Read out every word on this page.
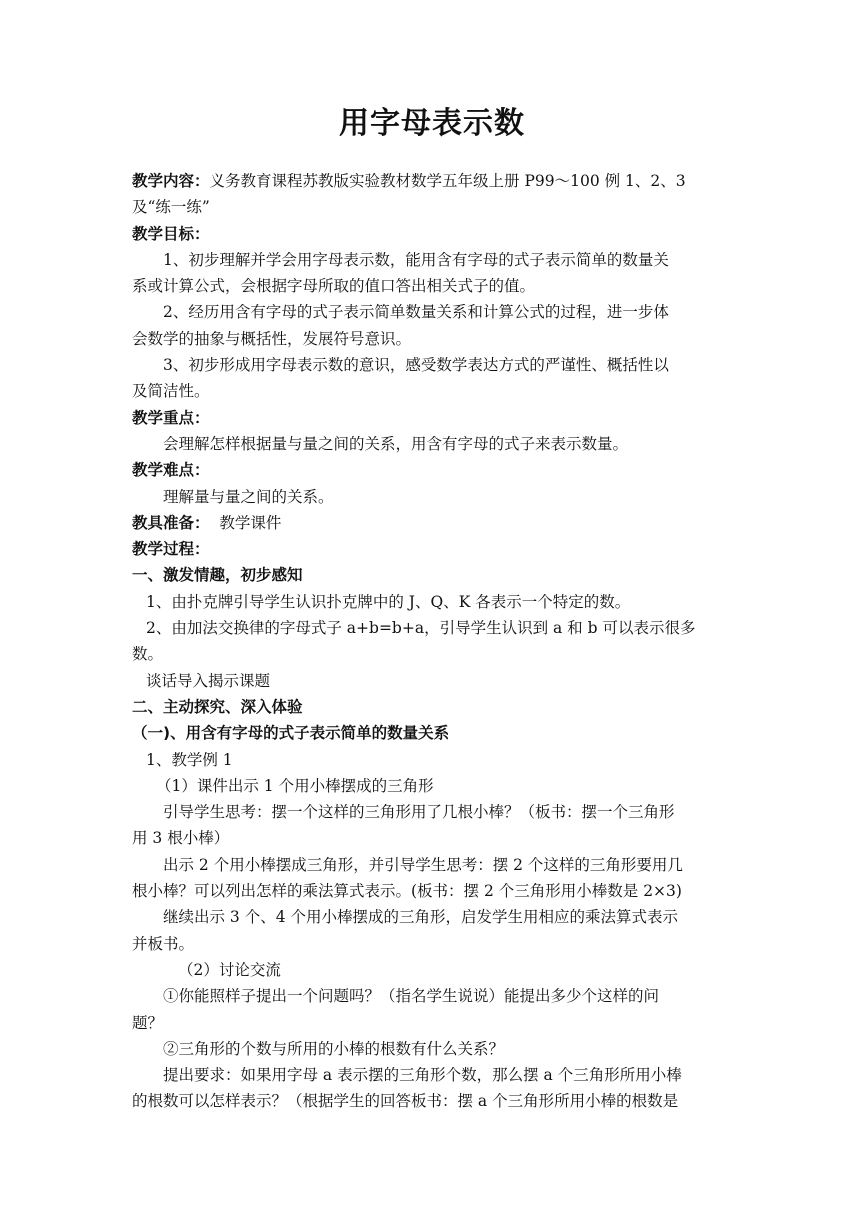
用字母表示数
教学内容：义务教育课程苏教版实验教材数学五年级上册 P99～100 例 1、2、3
及“练一练”
教学目标：
1、初步理解并学会用字母表示数，能用含有字母的式子表示简单的数量关
系或计算公式，会根据字母所取的值口答出相关式子的值。
2、经历用含有字母的式子表示简单数量关系和计算公式的过程，进一步体
会数学的抽象与概括性，发展符号意识。
3、初步形成用字母表示数的意识，感受数学表达方式的严谨性、概括性以
及简洁性。
教学重点：
会理解怎样根据量与量之间的关系，用含有字母的式子来表示数量。
教学难点：
理解量与量之间的关系。
教具准备：  教学课件
教学过程：
一、激发情趣，初步感知
1、由扑克牌引导学生认识扑克牌中的 J、Q、K 各表示一个特定的数。
2、由加法交换律的字母式子 a+b=b+a，引导学生认识到 a 和 b 可以表示很多
数。
谈话导入揭示课题
二、主动探究、深入体验
（一)、用含有字母的式子表示简单的数量关系
1、教学例 1
（1）课件出示 1 个用小棒摆成的三角形
引导学生思考：摆一个这样的三角形用了几根小棒？（板书：摆一个三角形
用 3 根小棒）
出示 2 个用小棒摆成三角形，并引导学生思考：摆 2 个这样的三角形要用几
根小棒？可以列出怎样的乘法算式表示。(板书：摆 2 个三角形用小棒数是 2×3)
继续出示 3 个、4 个用小棒摆成的三角形，启发学生用相应的乘法算式表示
并板书。
（2）讨论交流
①你能照样子提出一个问题吗？（指名学生说说）能提出多少个这样的问
题？
②三角形的个数与所用的小棒的根数有什么关系？
提出要求：如果用字母 a 表示摆的三角形个数，那么摆 a 个三角形所用小棒
的根数可以怎样表示？（根据学生的回答板书：摆 a 个三角形所用小棒的根数是
